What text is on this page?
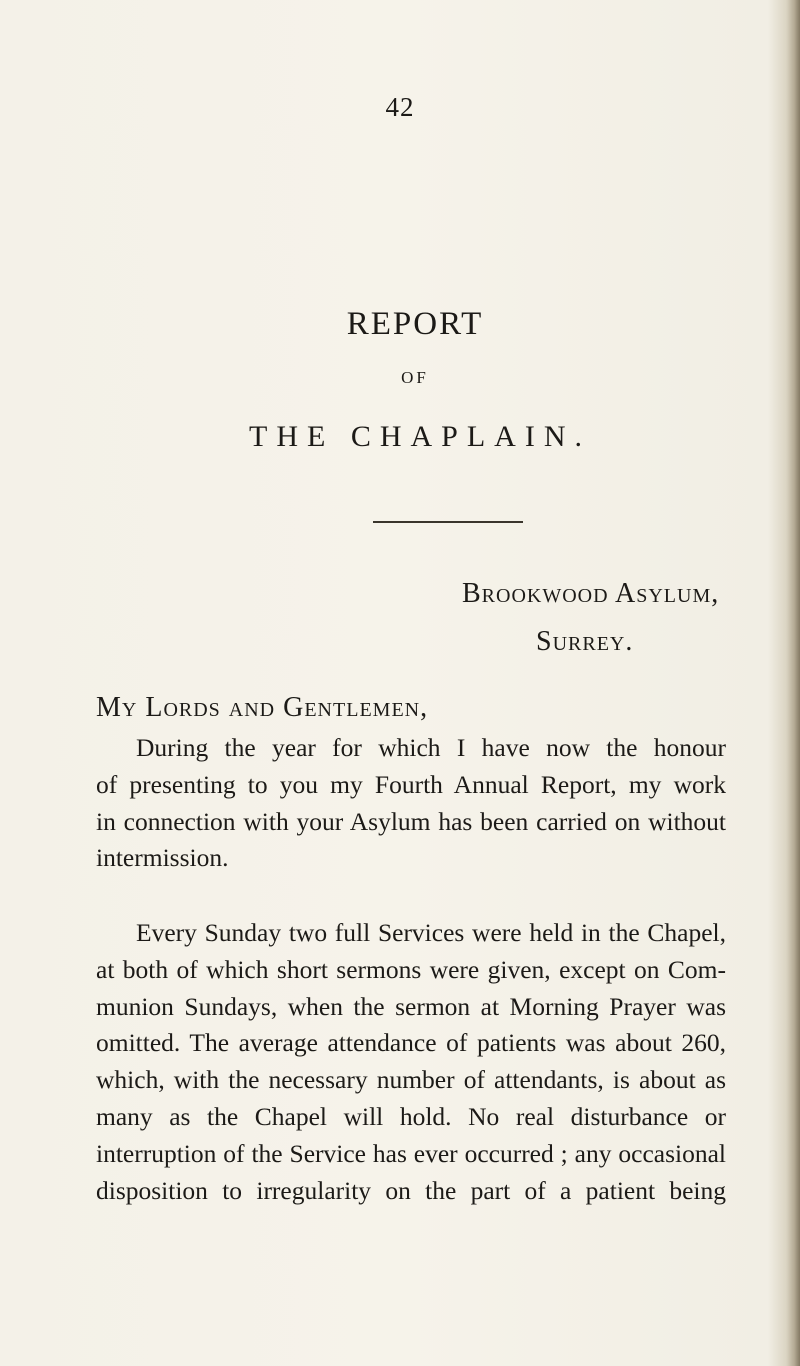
42
REPORT
OF
THE CHAPLAIN.
Brookwood Asylum,
Surrey.
My Lords and Gentlemen,
During the year for which I have now the honour
of presenting to you my Fourth Annual Report, my work
in connection with your Asylum has been carried on without
intermission.
Every Sunday two full Services were held in the Chapel,
at both of which short sermons were given, except on Com-
munion Sundays, when the sermon at Morning Prayer was
omitted. The average attendance of patients was about 260,
which, with the necessary number of attendants, is about as
many as the Chapel will hold. No real disturbance or
interruption of the Service has ever occurred ; any occasional
disposition to irregularity on the part of a patient being
